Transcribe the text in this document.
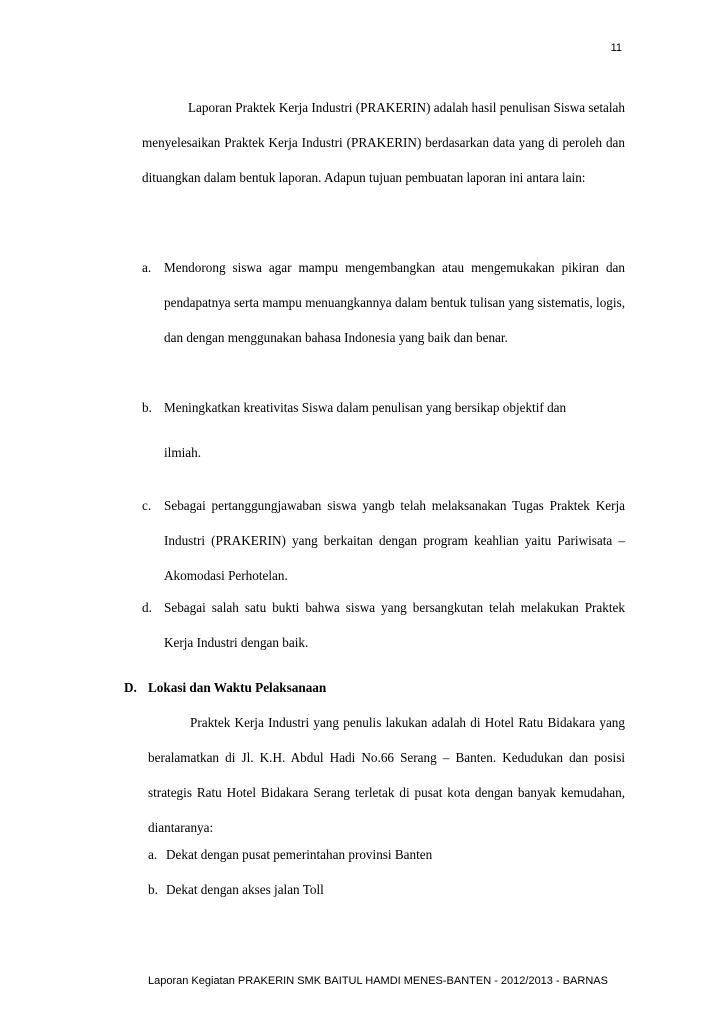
11
Laporan Praktek Kerja Industri (PRAKERIN) adalah hasil penulisan Siswa setalah menyelesaikan Praktek Kerja Industri (PRAKERIN) berdasarkan data yang di peroleh dan dituangkan dalam bentuk laporan. Adapun tujuan pembuatan laporan ini antara lain:
a. Mendorong siswa agar mampu mengembangkan atau mengemukakan pikiran dan pendapatnya serta mampu menuangkannya dalam bentuk tulisan yang sistematis, logis, dan dengan menggunakan bahasa Indonesia yang baik dan benar.
b. Meningkatkan kreativitas Siswa dalam penulisan yang bersikap objektif dan
ilmiah.
c. Sebagai pertanggungjawaban siswa yangb telah melaksanakan Tugas Praktek Kerja Industri (PRAKERIN) yang berkaitan dengan program keahlian yaitu Pariwisata – Akomodasi Perhotelan.
d. Sebagai salah satu bukti bahwa siswa yang bersangkutan telah melakukan Praktek Kerja Industri dengan baik.
D. Lokasi dan Waktu Pelaksanaan
Praktek Kerja Industri yang penulis lakukan adalah di Hotel Ratu Bidakara yang beralamatkan di Jl. K.H. Abdul Hadi No.66 Serang – Banten. Kedudukan dan posisi strategis Ratu Hotel Bidakara Serang terletak di pusat kota dengan banyak kemudahan, diantaranya:
a. Dekat dengan pusat pemerintahan provinsi Banten
b. Dekat dengan akses jalan Toll
Laporan Kegiatan PRAKERIN SMK BAITUL HAMDI MENES-BANTEN - 2012/2013 - BARNAS
